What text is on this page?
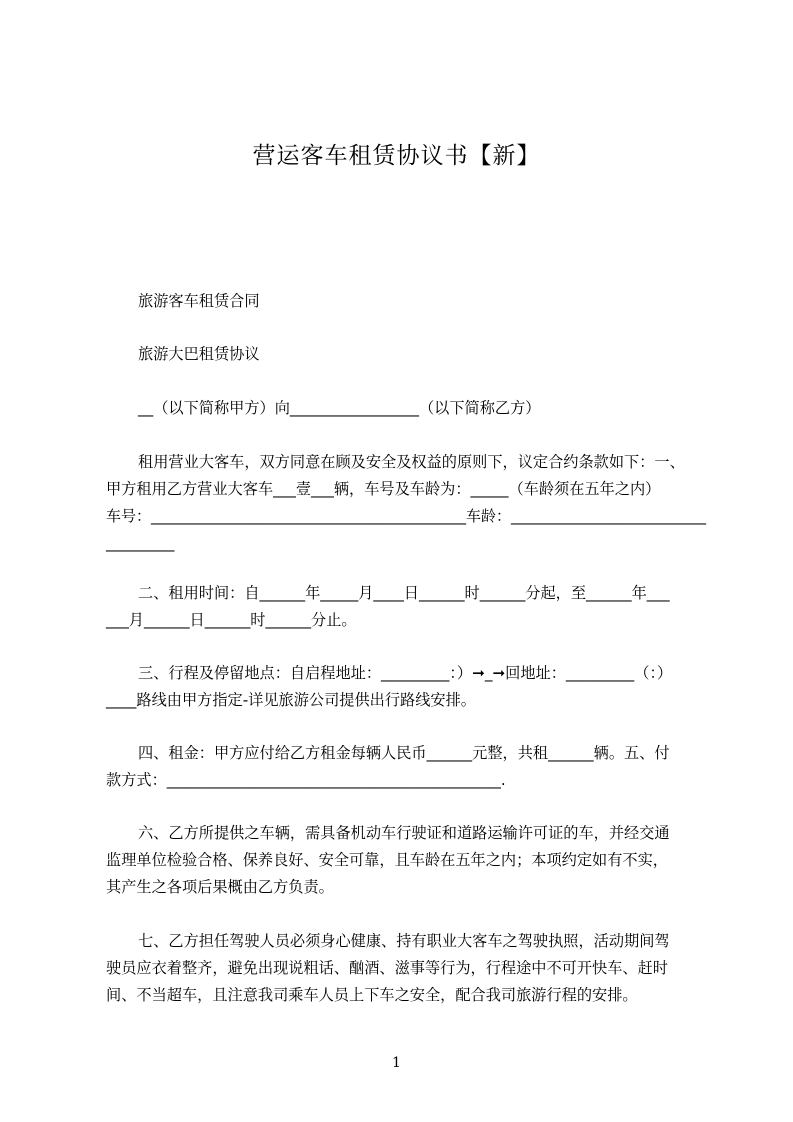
营运客车租赁协议书【新】
旅游客车租赁合同
旅游大巴租赁协议
__（以下简称甲方）向_________________（以下简称乙方）
租用营业大客车，双方同意在顾及安全及权益的原则下，议定合约条款如下：一、
甲方租用乙方营业大客车___壹___辆，车号及车龄为：_____（车龄须在五年之内）
车号：__________________________________________车龄：__________________________
_________
二、租用时间：自______年_____月____日______时______分起，至______年___
___月______日______时______分止。
三、行程及停留地点：自启程地址：_________：）➞_➞回地址：_________（：）
____路线由甲方指定-详见旅游公司提供出行路线安排。
四、租金：甲方应付给乙方租金每辆人民币______元整，共租______辆。五、付
款方式：____________________________________________.
六、乙方所提供之车辆，需具备机动车行驶证和道路运输许可证的车，并经交通
监理单位检验合格、保养良好、安全可靠，且车龄在五年之内；本项约定如有不实，
其产生之各项后果概由乙方负责。
七、乙方担任驾驶人员必须身心健康、持有职业大客车之驾驶执照，活动期间驾
驶员应衣着整齐，避免出现说粗话、酗酒、滋事等行为，行程途中不可开快车、赶时
间、不当超车，且注意我司乘车人员上下车之安全，配合我司旅游行程的安排。
1
